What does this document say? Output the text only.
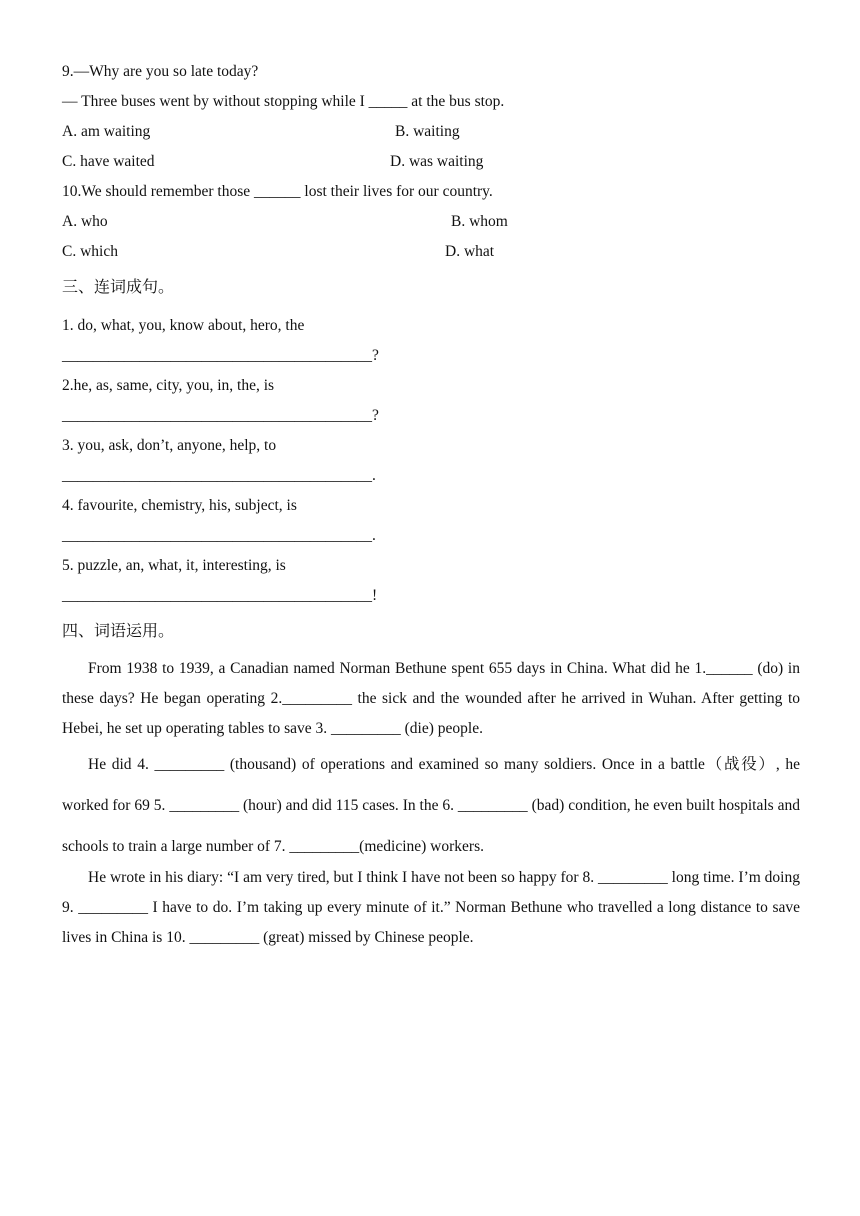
9.—Why are you so late today?
— Three buses went by without stopping while I _____ at the bus stop.
A. am waiting	B. waiting
C. have waited	D. was waiting
10.We should remember those ______ lost their lives for our country.
A. who	B. whom
C. which	D. what
三、连词成句。
1. do, what, you, know about, hero, the
________________________________________?
2.he, as, same, city, you, in, the, is
________________________________________?
3. you, ask, don’t, anyone, help, to
________________________________________.
4. favourite, chemistry, his, subject, is
________________________________________.
5. puzzle, an, what, it, interesting, is
________________________________________!
四、词语运用。
From 1938 to 1939, a Canadian named Norman Bethune spent 655 days in China. What did he 1.______ (do) in these days? He began operating 2._________ the sick and the wounded after he arrived in Wuhan. After getting to Hebei, he set up operating tables to save 3. _________ (die) people.
He did 4. _________ (thousand) of operations and examined so many soldiers. Once in a battle（战役）, he worked for 69 5. _________ (hour) and did 115 cases. In the 6. _________ (bad) condition, he even built hospitals and schools to train a large number of 7. _________(medicine) workers.
He wrote in his diary: “I am very tired, but I think I have not been so happy for 8. _________ long time. I’m doing 9. _________ I have to do. I’m taking up every minute of it.” Norman Bethune who travelled a long distance to save lives in China is 10. _________ (great) missed by Chinese people.
